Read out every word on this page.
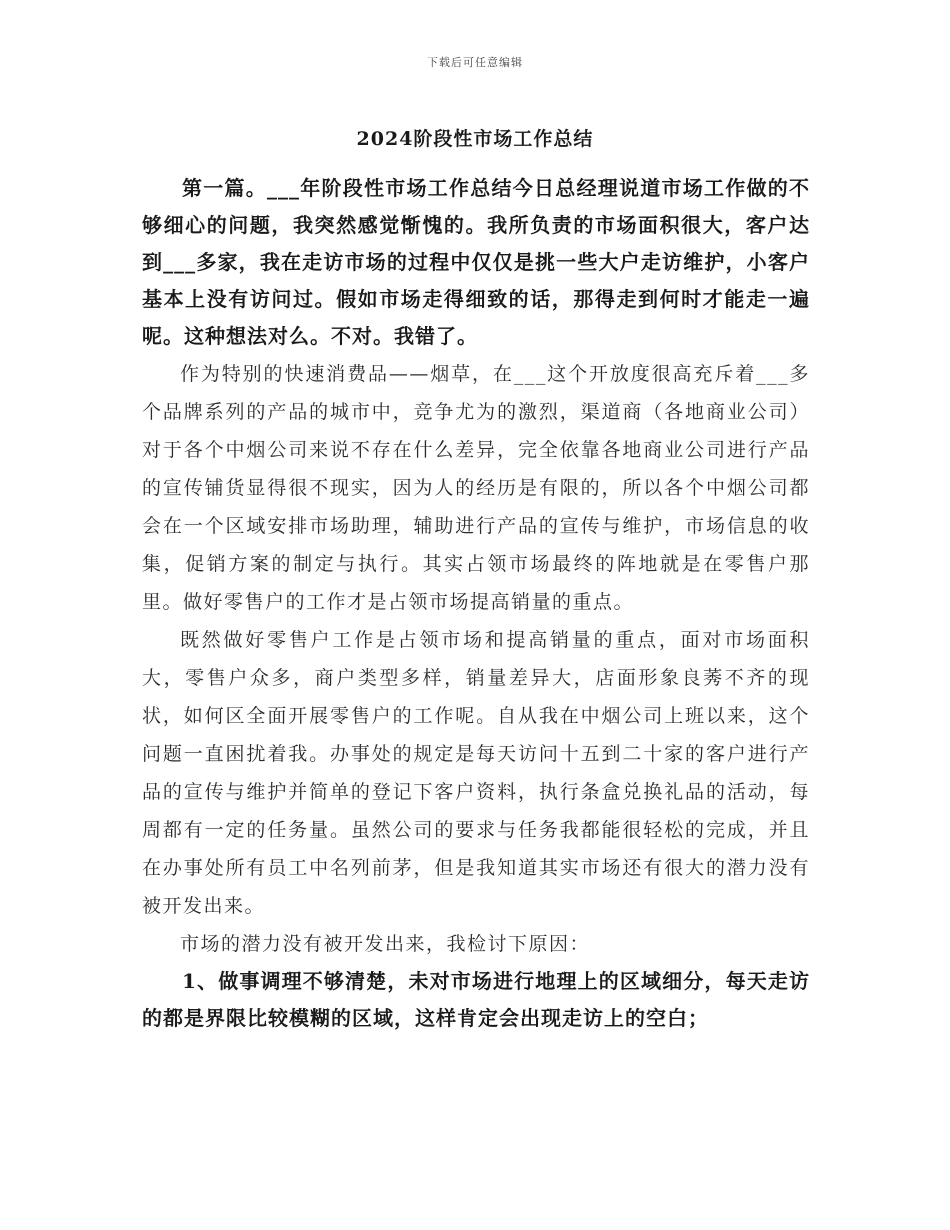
下载后可任意编辑
2024阶段性市场工作总结

第一篇。___年阶段性市场工作总结今日总经理说道市场工作做的不够细心的问题，我突然感觉惭愧的。我所负责的市场面积很大，客户达到___多家，我在走访市场的过程中仅仅是挑一些大户走访维护，小客户基本上没有访问过。假如市场走得细致的话，那得走到何时才能走一遍呢。这种想法对么。不对。我错了。

作为特别的快速消费品——烟草，在___这个开放度很高充斥着___多个品牌系列的产品的城市中，竞争尤为的激烈，渠道商（各地商业公司）对于各个中烟公司来说不存在什么差异，完全依靠各地商业公司进行产品的宣传铺货显得很不现实，因为人的经历是有限的，所以各个中烟公司都会在一个区域安排市场助理，辅助进行产品的宣传与维护，市场信息的收集，促销方案的制定与执行。其实占领市场最终的阵地就是在零售户那里。做好零售户的工作才是占领市场提高销量的重点。

既然做好零售户工作是占领市场和提高销量的重点，面对市场面积大，零售户众多，商户类型多样，销量差异大，店面形象良莠不齐的现状，如何区全面开展零售户的工作呢。自从我在中烟公司上班以来，这个问题一直困扰着我。办事处的规定是每天访问十五到二十家的客户进行产品的宣传与维护并简单的登记下客户资料，执行条盒兑换礼品的活动，每周都有一定的任务量。虽然公司的要求与任务我都能很轻松的完成，并且在办事处所有员工中名列前茅，但是我知道其实市场还有很大的潜力没有被开发出来。

市场的潜力没有被开发出来，我检讨下原因：

1、做事调理不够清楚，未对市场进行地理上的区域细分，每天走访的都是界限比较模糊的区域，这样肯定会出现走访上的空白；
